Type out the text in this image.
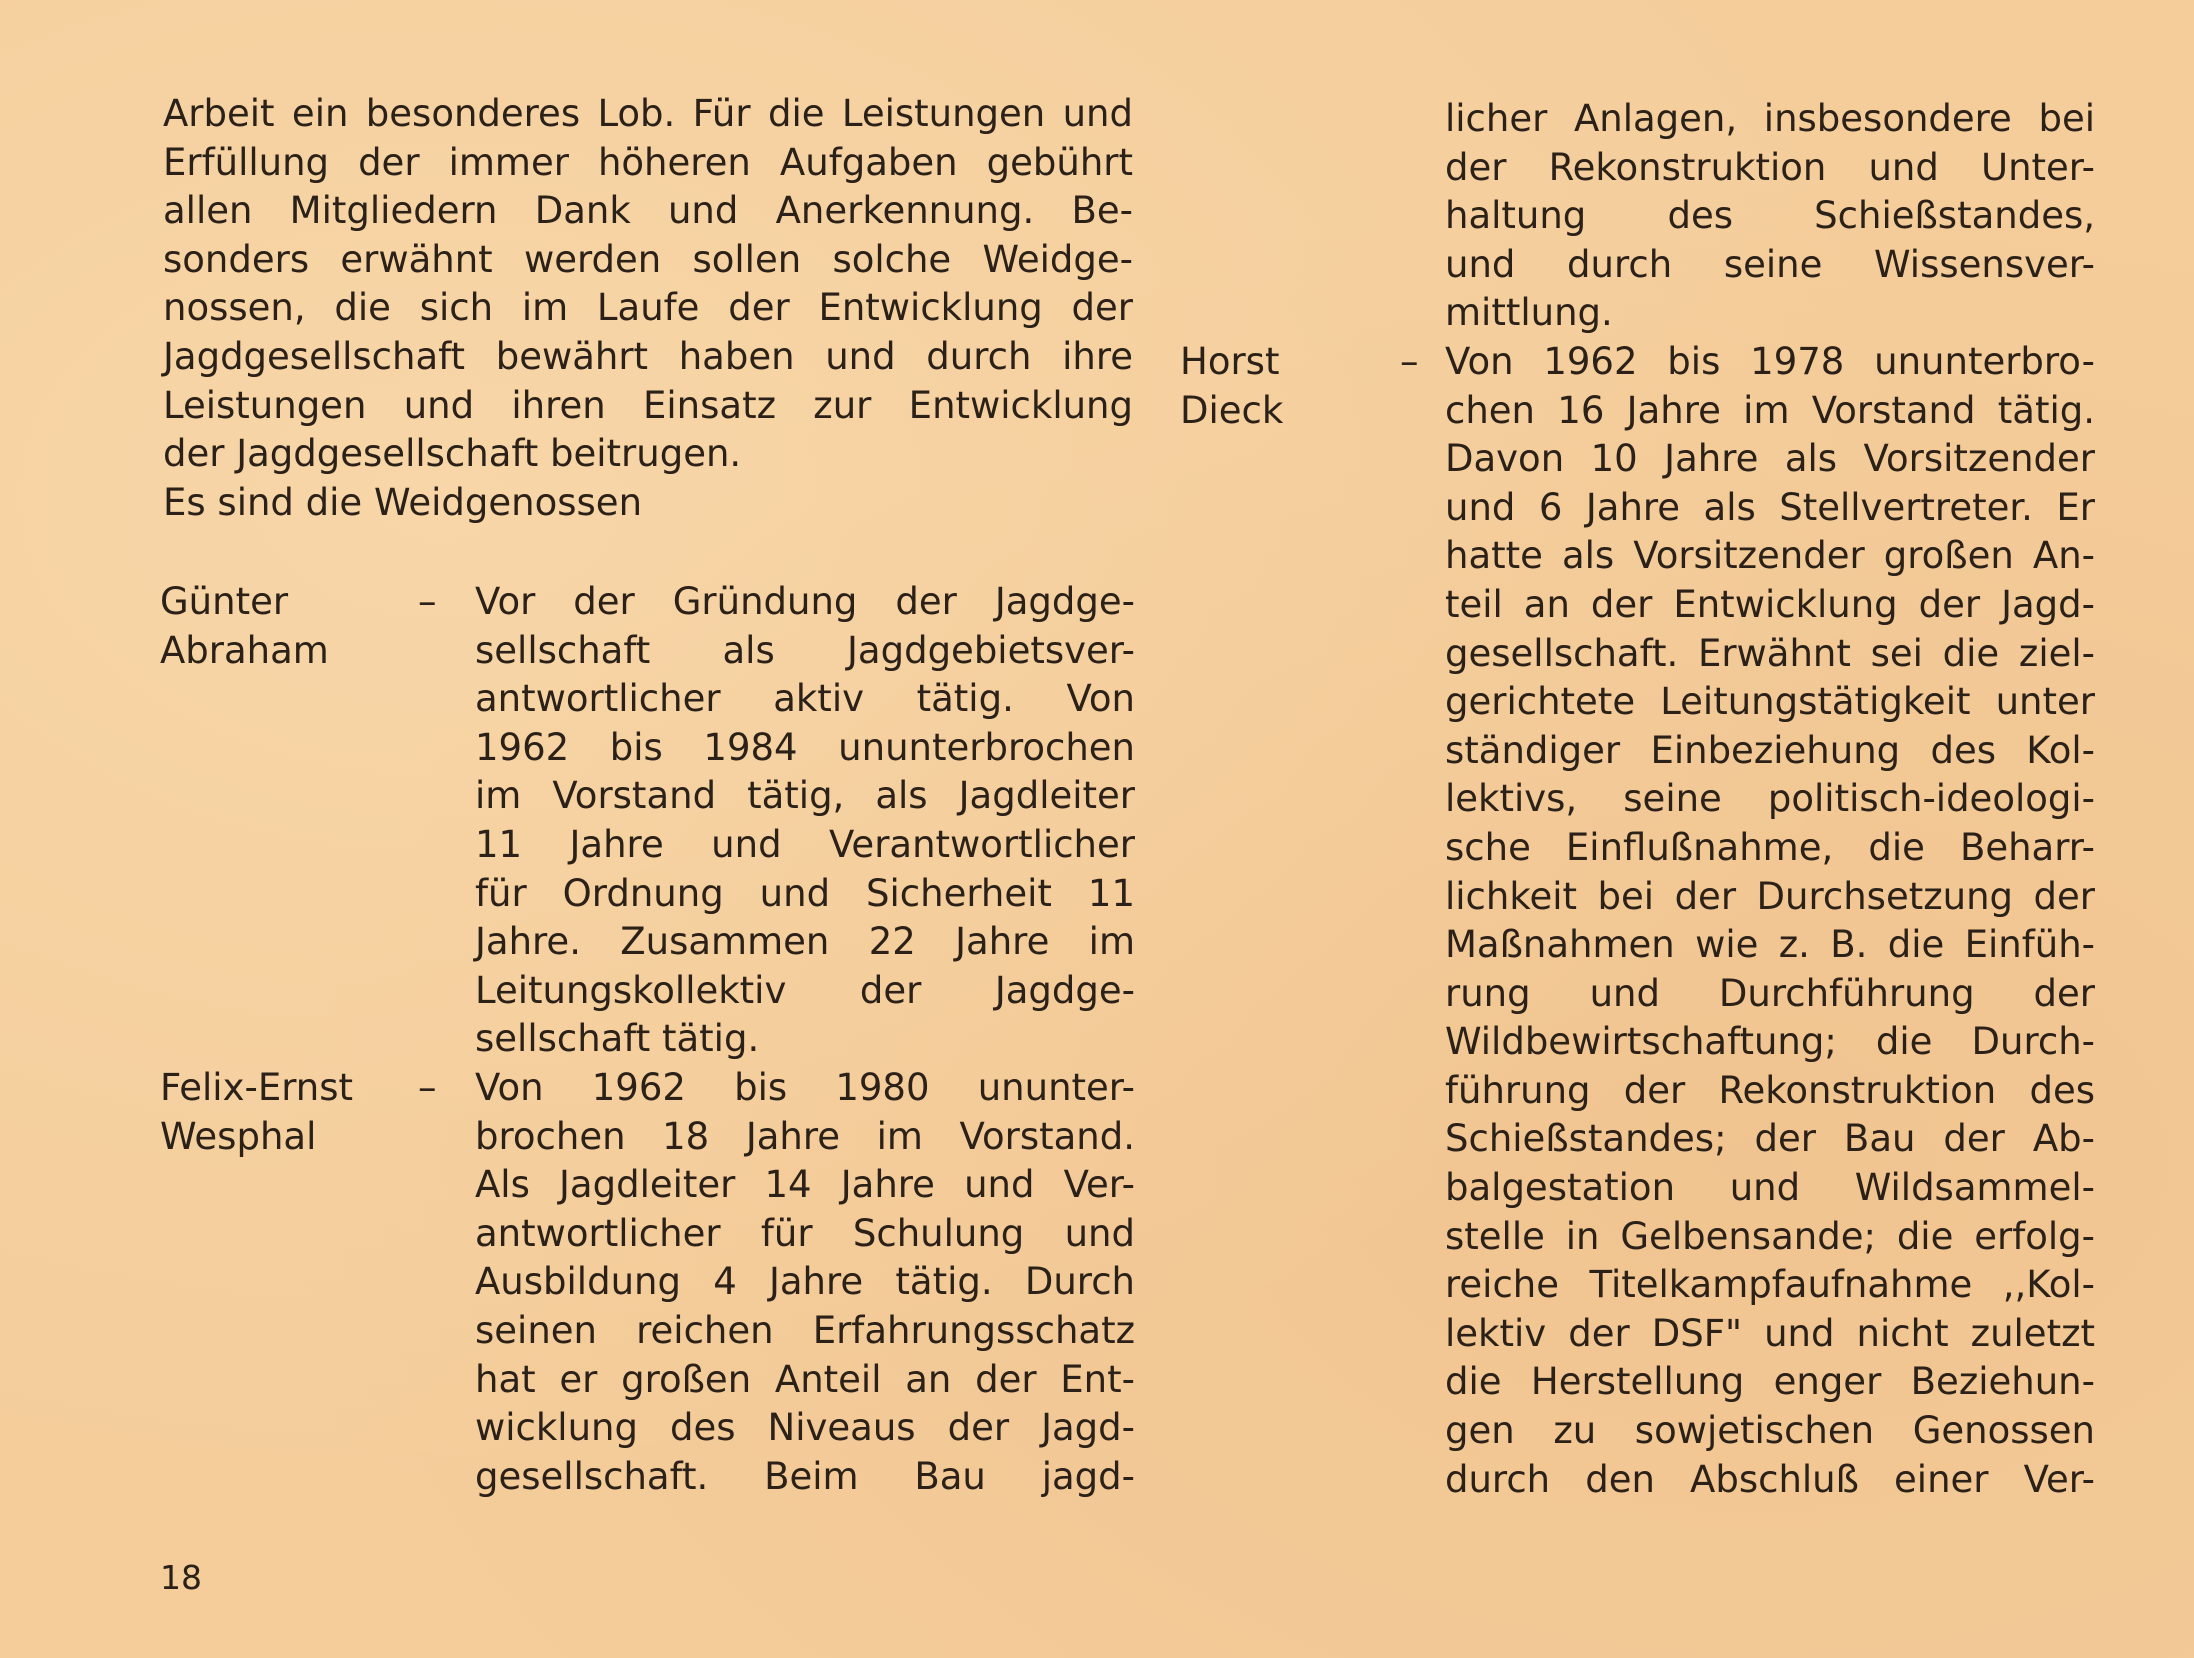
Arbeit ein besonderes Lob. Für die Leistungen und
Erfüllung der immer höheren Aufgaben gebührt
allen Mitgliedern Dank und Anerkennung. Be-
sonders erwähnt werden sollen solche Weidge-
nossen, die sich im Laufe der Entwicklung der
Jagdgesellschaft bewährt haben und durch ihre
Leistungen und ihren Einsatz zur Entwicklung
der Jagdgesellschaft beitrugen.
Es sind die Weidgenossen
Günter
Abraham
–	Vor der Gründung der Jagdge-
sellschaft als Jagdgebietsver-
antwortlicher aktiv tätig. Von
1962 bis 1984 ununterbrochen
im Vorstand tätig, als Jagdleiter
11 Jahre und Verantwortlicher
für Ordnung und Sicherheit 11
Jahre. Zusammen 22 Jahre im
Leitungskollektiv der Jagdge-
sellschaft tätig.
Felix-Ernst
Wesphal
–	Von 1962 bis 1980 ununter-
brochen 18 Jahre im Vorstand.
Als Jagdleiter 14 Jahre und Ver-
antwortlicher für Schulung und
Ausbildung 4 Jahre tätig. Durch
seinen reichen Erfahrungsschatz
hat er großen Anteil an der Ent-
wicklung des Niveaus der Jagd-
gesellschaft. Beim Bau jagd-
licher Anlagen, insbesondere bei
der Rekonstruktion und Unter-
haltung des Schießstandes,
und durch seine Wissensver-
mittlung.
Horst
Dieck
– Von 1962 bis 1978 ununterbro-
chen 16 Jahre im Vorstand tätig.
Davon 10 Jahre als Vorsitzender
und 6 Jahre als Stellvertreter. Er
hatte als Vorsitzender großen An-
teil an der Entwicklung der Jagd-
gesellschaft. Erwähnt sei die ziel-
gerichtete Leitungstätigkeit unter
ständiger Einbeziehung des Kol-
lektivs, seine politisch-ideologi-
sche Einflußnahme, die Beharr-
lichkeit bei der Durchsetzung der
Maßnahmen wie z. B. die Einfüh-
rung und Durchführung der
Wildbewirtschaftung; die Durch-
führung der Rekonstruktion des
Schießstandes; der Bau der Ab-
balgestation und Wildsammel-
stelle in Gelbensande; die erfolg-
reiche Titelkampfaufnahme ,,Kol-
lektiv der DSF" und nicht zuletzt
die Herstellung enger Beziehun-
gen zu sowjetischen Genossen
durch den Abschluß einer Ver-
18
